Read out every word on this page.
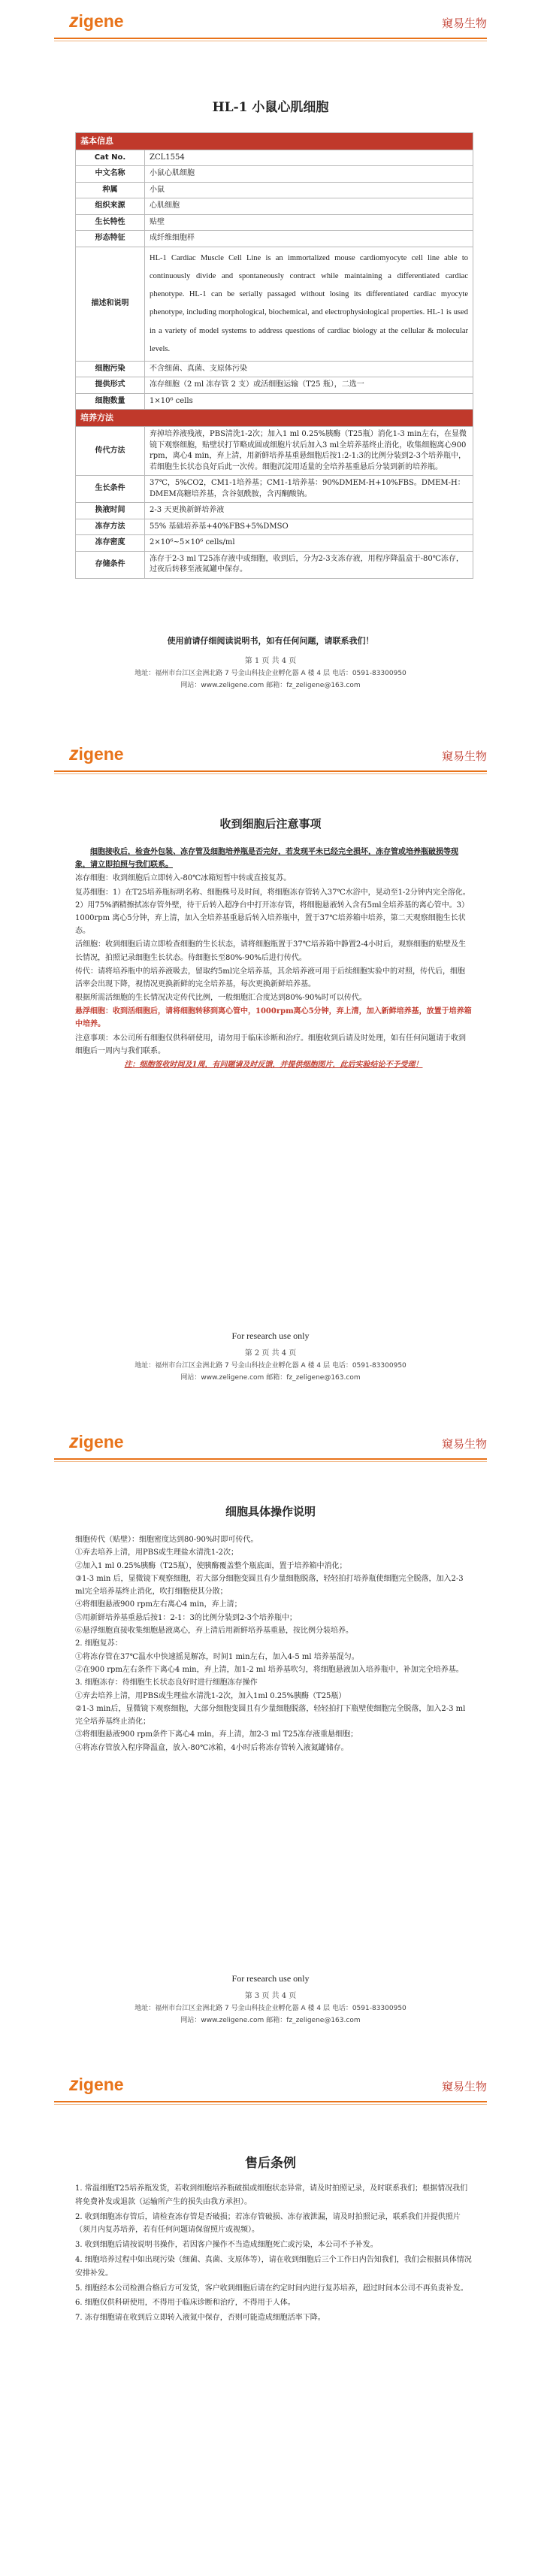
zigene	窺易生物
HL-1 小鼠心肌细胞
基本信息	
Cat No.	ZCL1554
中文名称	小鼠心肌细胞
种属	小鼠
组织来源	心肌细胞
生长特性	贴壁
形态特征	成纤维细胞样
描述和说明	HL-1 Cardiac Muscle Cell Line is an immortalized mouse cardiomyocyte cell line able to continuously divide and spontaneously contract while maintaining a differentiated cardiac phenotype. HL-1 can be serially passaged without losing its differentiated cardiac myocyte phenotype, including morphological, biochemical, and electrophysiological properties. HL-1 is used in a variety of model systems to address questions of cardiac biology at the cellular & molecular levels.
细胞污染	不含细菌、真菌、支原体污染
提供形式	冻存细胞（2 ml 冻存管 2 支）或活细胞运输（T25 瓶），二选一
细胞数量	1×10⁶ cells
培养方法	
传代方法	弃掉培养液残液，PBS清洗1-2次；加入1 ml 0.25%胰酶（T25瓶）消化1-3 min左右，在显微镜下观察细胞，贴壁状打节略成圆或细胞片状后加入3 ml全培养基终止消化，收集细胞离心900 rpm，离心4 min，弃上清，用新鲜培养基重悬细胞后按1:2-1:3的比例分装到2-3个培养瓶中，若细胞生长状态良好后此一次传。细胞沉淀用适量的全培养基重悬后分装到新的培养瓶。
生长条件	37℃，5%CO2，CM1-1培养基；CM1-1培养基：90%DMEM-H+10%FBS。DMEM-H：DMEM高糖培养基，含谷氨酰胺，含丙酮酸钠。
换液时间	2-3 天更换新鲜培养液
冻存方法	55% 基础培养基+40%FBS+5%DMSO
冻存密度	2×10⁶~5×10⁶ cells/ml
存储条件	冻存于2-3 ml T25冻存液中或细胞，收到后，分为2-3支冻存液，用程序降温盒于-80℃冻存，过夜后转移至液氮罐中保存。
使用前请仔细阅读说明书，如有任何问题，请联系我们！
第 1 页 共 4 页
地址：福州市台江区金洲北路 7 号金山科技企业孵化器 A 楼 4 层 电话：0591-83300950
网站：www.zeligene.com 邮箱：fz_zeligene@163.com
zigene	窺易生物
收到细胞后注意事项

细胞接收后，检查外包装、冻存管及细胞培养瓶是否完好，若发现平未已经完全损坏，冻存管或培养瓶破损等现象，请立即拍照与我们联系。

冻存细胞：收到细胞后立即转入-80℃冰箱短暂中转或直接复苏。

复苏细胞：1）在T25培养瓶标明名称、细胞株号及时间，将细胞冻存管转入37℃水浴中，晃动至1-2分钟内完全溶化。2）用75%酒精擦拭冻存管外壁，待干后转入超净台中打开冻存管，将细胞悬液转入含有5ml全培养基的离心管中。3）1000rpm 离心5分钟，弃上清，加入全培养基重悬后转入培养瓶中，置于37℃培养箱中培养，第二天观察细胞生长状态。

活细胞：收到细胞后请立即检查细胞的生长状态，请将细胞瓶置于37℃培养箱中静置2-4小时后，观察细胞的贴壁及生长情况，拍照记录细胞生长状态。待细胞长至80%-90%后进行传代。

传代：请将培养瓶中的培养液吸去，留取约5ml完全培养基，其余培养液可用于后续细胞实验中的对照，传代后，细胞活率会出现下降，视情况更换新鲜的完全培养基，每次更换新鲜培养基。

根据所需活细胞的生长情况决定传代比例，一般细胞汇合度达到80%-90%时可以传代。

悬浮细胞：收到活细胞后，请将细胞转移到离心管中，1000rpm离心5分钟，弃上清，加入新鲜培养基，放置于培养箱中培养。

注意事项：本公司所有细胞仅供科研使用，请勿用于临床诊断和治疗。细胞收到后请及时处理，如有任何问题请于收到细胞后一周内与我们联系。

注：细胞签收时间及1周，有问题请及时反馈，并提供细胞图片，此后实验结论不予受理！

For research use only
第 2 页 共 4 页
地址：福州市台江区金洲北路 7 号金山科技企业孵化器 A 楼 4 层 电话：0591-83300950
网站：www.zeligene.com 邮箱：fz_zeligene@163.com
zigene	窺易生物
细胞具体操作说明

细胞传代（贴壁）：细胞密度达到80-90%时即可传代。

①弃去培养上清，用PBS或生理盐水清洗1-2次；

②加入1 ml 0.25%胰酶（T25瓶），使胰酶覆盖整个瓶底面，置于培养箱中消化；

③1-3 min 后，显微镜下观察细胞，若大部分细胞变圆且有少量细胞脱落，轻轻拍打培养瓶使细胞完全脱落，加入2-3 ml完全培养基终止消化，吹打细胞使其分散；

④将细胞悬液900 rpm左右离心4 min，弃上清；

⑤用新鲜培养基重悬后按1：2-1：3的比例分装到2-3个培养瓶中；

⑥悬浮细胞直接收集细胞悬液离心，弃上清后用新鲜培养基重悬，按比例分装培养。

2. 细胞复苏：

①将冻存管在37℃温水中快速摇晃解冻，时间1 min左右，加入4-5 ml 培养基混匀。

②在900 rpm左右条件下离心4 min，弃上清，加1-2 ml 培养基吹匀，将细胞悬液加入培养瓶中，补加完全培养基。

3. 细胞冻存：待细胞生长状态良好时进行细胞冻存操作

①弃去培养上清，用PBS或生理盐水清洗1-2次，加入1ml 0.25%胰酶（T25瓶）

②1-3 min后，显微镜下观察细胞，大部分细胞变圆且有少量细胞脱落，轻轻拍打下瓶壁使细胞完全脱落，加入2-3 ml完全培养基终止消化；

③将细胞悬液900 rpm条件下离心4 min，弃上清，加2-3 ml T25冻存液重悬细胞；

④将冻存管放入程序降温盒，放入-80℃冰箱，4小时后将冻存管转入液氮罐储存。

For research use only
第 3 页 共 4 页
地址：福州市台江区金洲北路 7 号金山科技企业孵化器 A 楼 4 层 电话：0591-83300950
网站：www.zeligene.com 邮箱：fz_zeligene@163.com
zigene	窺易生物
售后条例

1. 常温细胞T25培养瓶发货，若收到细胞培养瓶破损或细胞状态异常，请及时拍照记录，及时联系我们；根据情况我们将免费补发或退款（运输所产生的损失由我方承担）。

2. 收到细胞冻存管后，请检查冻存管是否破损；若冻存管破损、冻存液泄漏，请及时拍照记录，联系我们并提供照片（须月内复苏培养，若有任何问题请保留照片或视频）。

3. 收到细胞后请按说明书操作，若因客户操作不当造成细胞死亡或污染，本公司不予补发。

4. 细胞培养过程中如出现污染（细菌、真菌、支原体等），请在收到细胞后三个工作日内告知我们，我们会根据具体情况安排补发。

5. 细胞经本公司检测合格后方可发货，客户收到细胞后请在约定时间内进行复苏培养，超过时间本公司不再负责补发。

6. 细胞仅供科研使用，不得用于临床诊断和治疗，不得用于人体。

7. 冻存细胞请在收到后立即转入液氮中保存，否则可能造成细胞活率下降。
